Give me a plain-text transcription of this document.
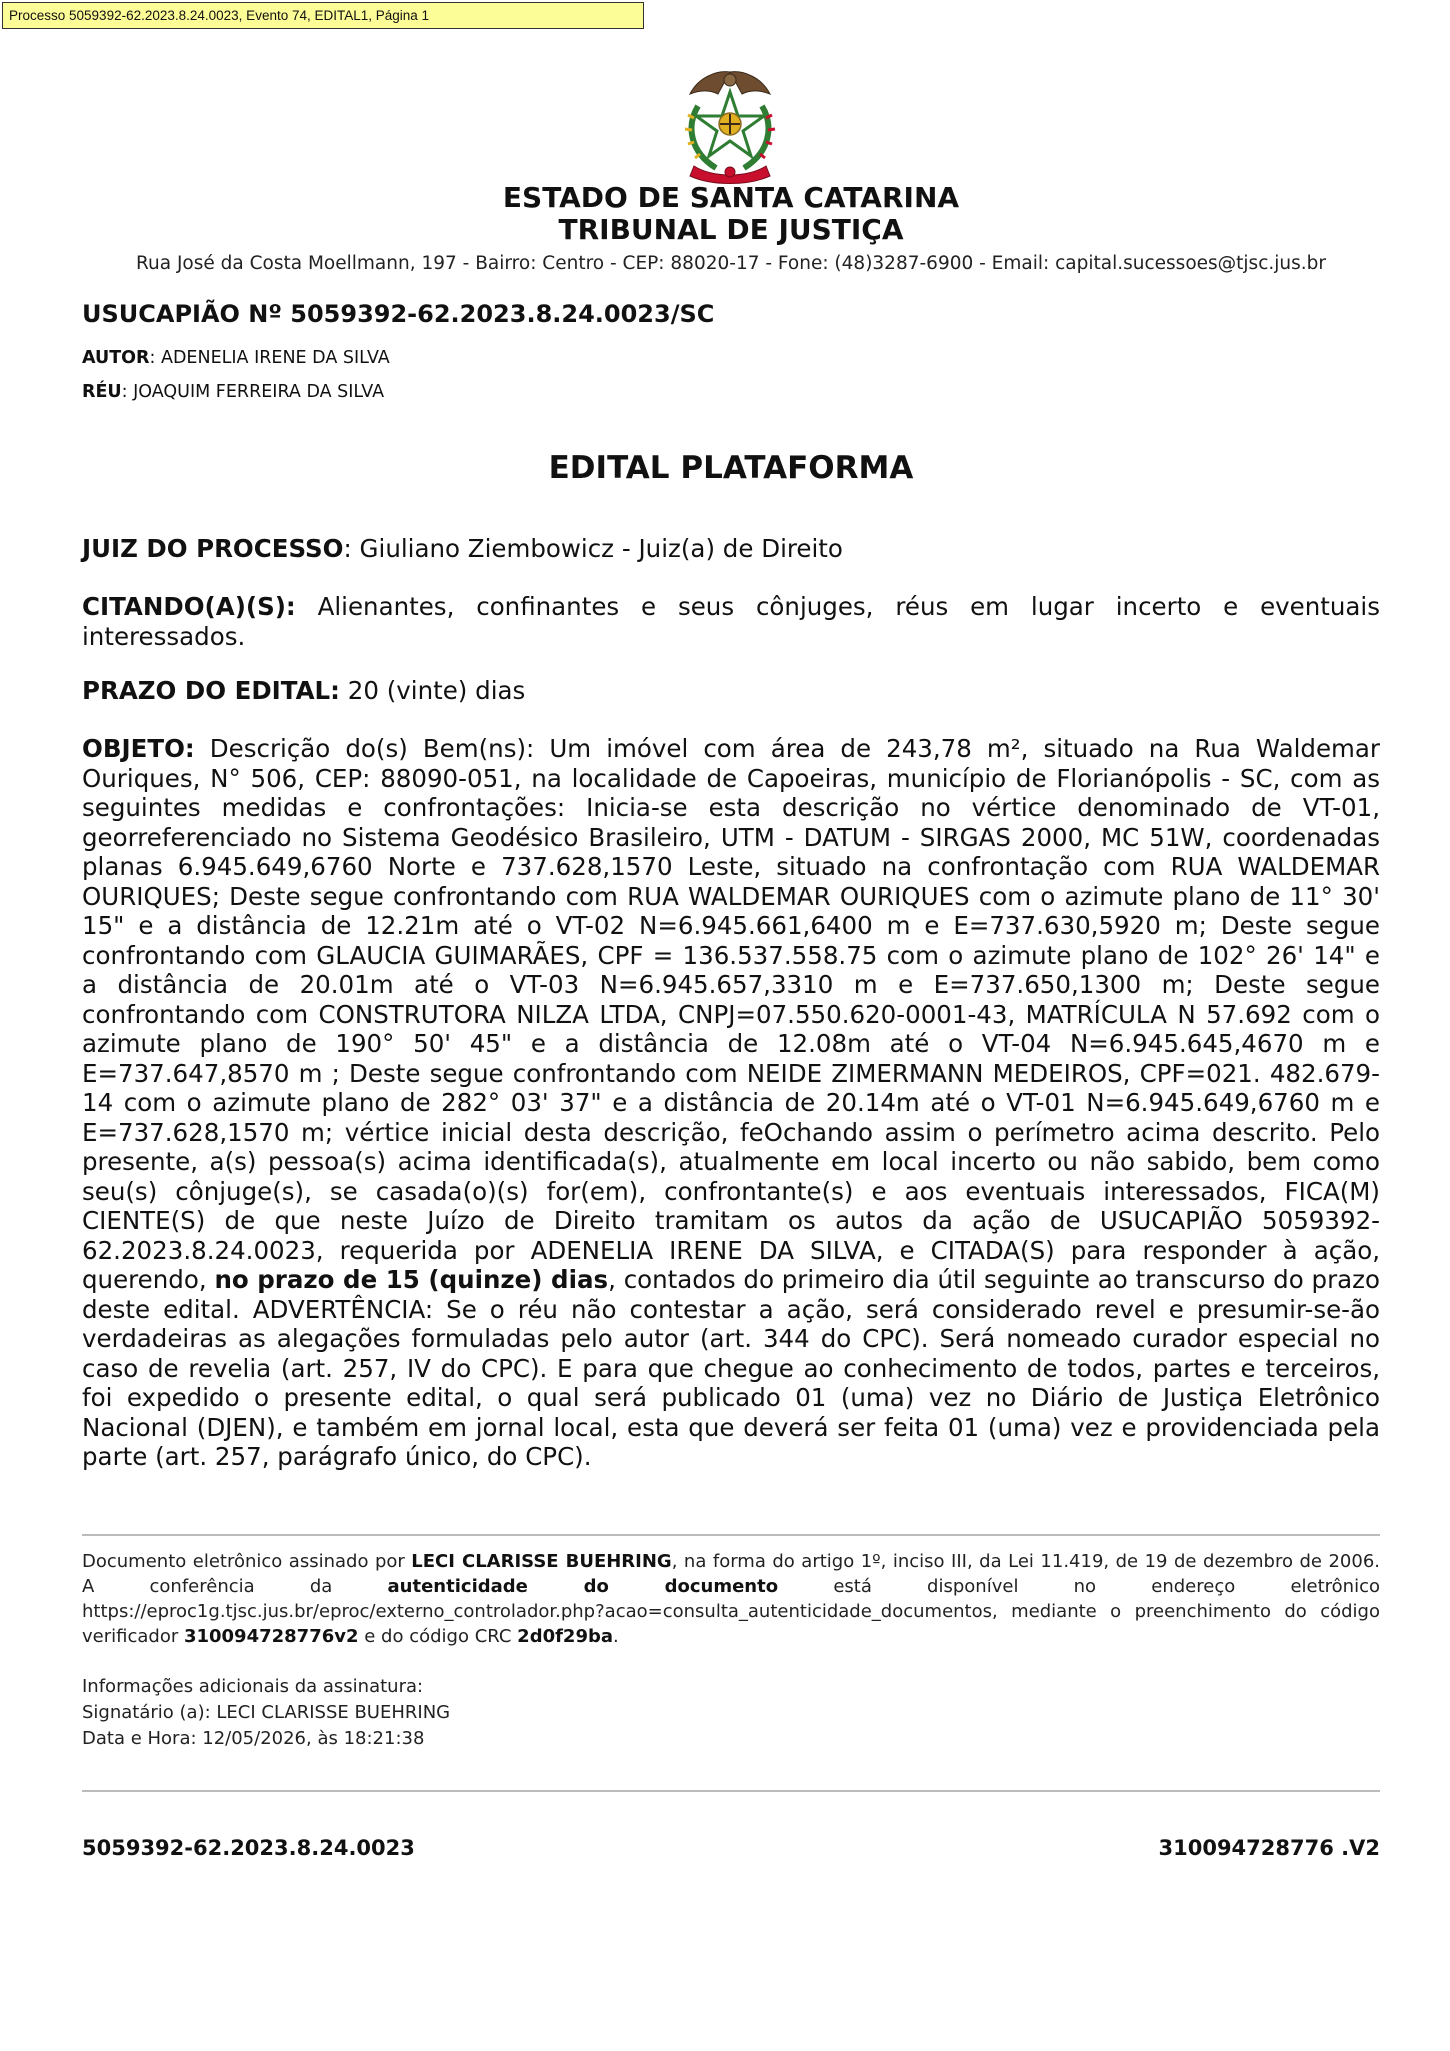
Processo 5059392-62.2023.8.24.0023, Evento 74, EDITAL1, Página 1
ESTADO DE SANTA CATARINA
TRIBUNAL DE JUSTIÇA
Rua José da Costa Moellmann, 197 - Bairro: Centro - CEP: 88020-17 - Fone: (48)3287-6900 - Email: capital.sucessoes@tjsc.jus.br
USUCAPIÃO Nº 5059392-62.2023.8.24.0023/SC
AUTOR: ADENELIA IRENE DA SILVA
RÉU: JOAQUIM FERREIRA DA SILVA
EDITAL PLATAFORMA
JUIZ DO PROCESSO: Giuliano Ziembowicz - Juiz(a) de Direito
CITANDO(A)(S): Alienantes, confinantes e seus cônjuges, réus em lugar incerto e eventuais interessados.
PRAZO DO EDITAL: 20 (vinte) dias
OBJETO: Descrição do(s) Bem(ns): Um imóvel com área de 243,78 m², situado na Rua Waldemar Ouriques, N° 506, CEP: 88090-051, na localidade de Capoeiras, município de Florianópolis - SC, com as seguintes medidas e confrontações: Inicia-se esta descrição no vértice denominado de VT-01, georreferenciado no Sistema Geodésico Brasileiro, UTM - DATUM - SIRGAS 2000, MC 51W, coordenadas planas 6.945.649,6760 Norte e 737.628,1570 Leste, situado na confrontação com RUA WALDEMAR OURIQUES; Deste segue confrontando com RUA WALDEMAR OURIQUES com o azimute plano de 11° 30' 15" e a distância de 12.21m até o VT-02 N=6.945.661,6400 m e E=737.630,5920 m; Deste segue confrontando com GLAUCIA GUIMARÃES, CPF = 136.537.558.75 com o azimute plano de 102° 26' 14" e a distância de 20.01m até o VT-03 N=6.945.657,3310 m e E=737.650,1300 m; Deste segue confrontando com CONSTRUTORA NILZA LTDA, CNPJ=07.550.620-0001-43, MATRÍCULA N 57.692 com o azimute plano de 190° 50' 45" e a distância de 12.08m até o VT-04 N=6.945.645,4670 m e E=737.647,8570 m ; Deste segue confrontando com NEIDE ZIMERMANN MEDEIROS, CPF=021. 482.679-14 com o azimute plano de 282° 03' 37" e a distância de 20.14m até o VT-01 N=6.945.649,6760 m e E=737.628,1570 m; vértice inicial desta descrição, feOchando assim o perímetro acima descrito. Pelo presente, a(s) pessoa(s) acima identificada(s), atualmente em local incerto ou não sabido, bem como seu(s) cônjuge(s), se casada(o)(s) for(em), confrontante(s) e aos eventuais interessados, FICA(M) CIENTE(S) de que neste Juízo de Direito tramitam os autos da ação de USUCAPIÃO 5059392-62.2023.8.24.0023, requerida por ADENELIA IRENE DA SILVA, e CITADA(S) para responder à ação, querendo, no prazo de 15 (quinze) dias, contados do primeiro dia útil seguinte ao transcurso do prazo deste edital. ADVERTÊNCIA: Se o réu não contestar a ação, será considerado revel e presumir-se-ão verdadeiras as alegações formuladas pelo autor (art. 344 do CPC). Será nomeado curador especial no caso de revelia (art. 257, IV do CPC). E para que chegue ao conhecimento de todos, partes e terceiros, foi expedido o presente edital, o qual será publicado 01 (uma) vez no Diário de Justiça Eletrônico Nacional (DJEN), e também em jornal local, esta que deverá ser feita 01 (uma) vez e providenciada pela parte (art. 257, parágrafo único, do CPC).
Documento eletrônico assinado por LECI CLARISSE BUEHRING, na forma do artigo 1º, inciso III, da Lei 11.419, de 19 de dezembro de 2006. A conferência da autenticidade do documento está disponível no endereço eletrônico https://eproc1g.tjsc.jus.br/eproc/externo_controlador.php?acao=consulta_autenticidade_documentos, mediante o preenchimento do código verificador 310094728776v2 e do código CRC 2d0f29ba.
Informações adicionais da assinatura:
Signatário (a): LECI CLARISSE BUEHRING
Data e Hora: 12/05/2026, às 18:21:38
5059392-62.2023.8.24.0023	310094728776 .V2
